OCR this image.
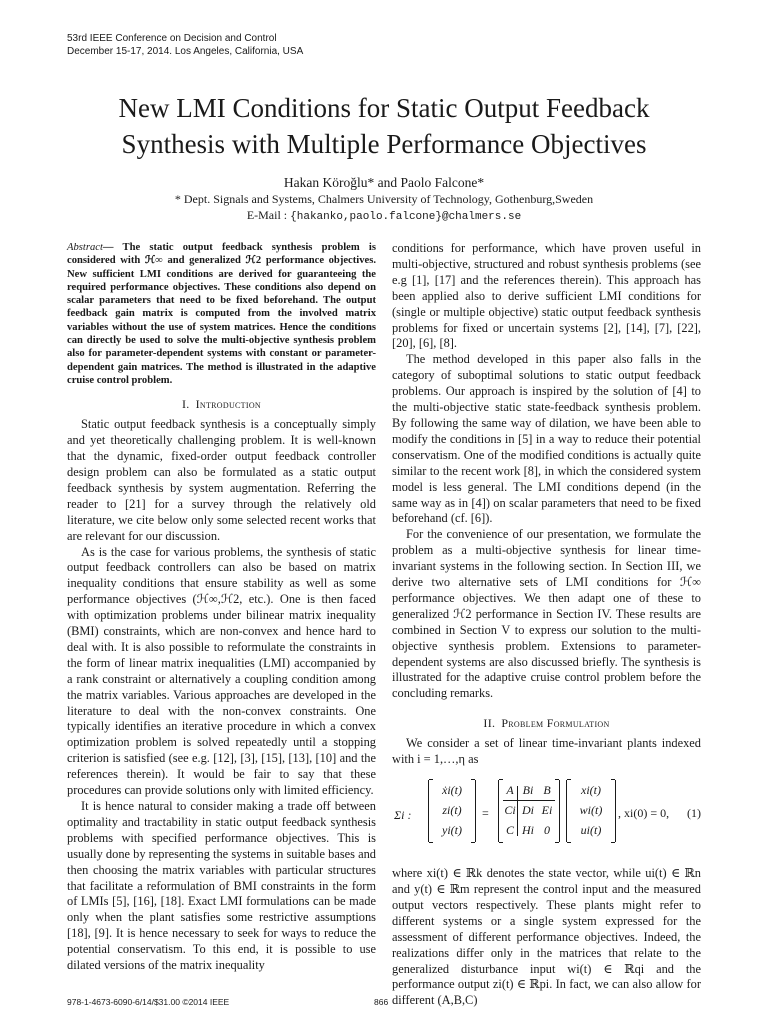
53rd IEEE Conference on Decision and Control
December 15-17, 2014. Los Angeles, California, USA
New LMI Conditions for Static Output Feedback
Synthesis with Multiple Performance Objectives
Hakan Köroğlu* and Paolo Falcone*
* Dept. Signals and Systems, Chalmers University of Technology, Gothenburg,Sweden
E-Mail : {hakanko,paolo.falcone}@chalmers.se

Abstract— The static output feedback synthesis problem is considered with ℋ∞ and generalized ℋ2 performance objectives. New sufficient LMI conditions are derived for guaranteeing the required performance objectives. These conditions also depend on scalar parameters that need to be fixed beforehand. The output feedback gain matrix is computed from the involved matrix variables without the use of system matrices. Hence the conditions can directly be used to solve the multi-objective synthesis problem also for parameter-dependent systems with constant or parameter-dependent gain matrices. The method is illustrated in the adaptive cruise control problem.

I. Introduction

Static output feedback synthesis is a conceptually simply and yet theoretically challenging problem. It is well-known that the dynamic, fixed-order output feedback controller design problem can also be formulated as a static output feedback synthesis by system augmentation. Referring the reader to [21] for a survey through the relatively old literature, we cite below only some selected recent works that are relevant for our discussion.

As is the case for various problems, the synthesis of static output feedback controllers can also be based on matrix inequality conditions that ensure stability as well as some performance objectives (ℋ∞,ℋ2, etc.). One is then faced with optimization problems under bilinear matrix inequality (BMI) constraints, which are non-convex and hence hard to deal with. It is also possible to reformulate the constraints in the form of linear matrix inequalities (LMI) accompanied by a rank constraint or alternatively a coupling condition among the matrix variables. Various approaches are developed in the literature to deal with the non-convex constraints. One typically identifies an iterative procedure in which a convex optimization problem is solved repeatedly until a stopping criterion is satisfied (see e.g. [12], [3], [15], [13], [10] and the references therein). It would be fair to say that these procedures can provide solutions only with limited efficiency.

It is hence natural to consider making a trade off between optimality and tractability in static output feedback synthesis problems with specified performance objectives. This is usually done by representing the systems in suitable bases and then choosing the matrix variables with particular structures that facilitate a reformulation of BMI constraints in the form of LMIs [5], [16], [18]. Exact LMI formulations can be made only when the plant satisfies some restrictive assumptions [18], [9]. It is hence necessary to seek for ways to reduce the potential conservatism. To this end, it is possible to use dilated versions of the matrix inequality

conditions for performance, which have proven useful in multi-objective, structured and robust synthesis problems (see e.g [1], [17] and the references therein). This approach has been applied also to derive sufficient LMI conditions for (single or multiple objective) static output feedback synthesis problems for fixed or uncertain systems [2], [14], [7], [22], [20], [6], [8].

The method developed in this paper also falls in the category of suboptimal solutions to static output feedback problems. Our approach is inspired by the solution of [4] to the multi-objective static state-feedback synthesis problem. By following the same way of dilation, we have been able to modify the conditions in [5] in a way to reduce their potential conservatism. One of the modified conditions is actually quite similar to the recent work [8], in which the considered system model is less general. The LMI conditions depend (in the same way as in [4]) on scalar parameters that need to be fixed beforehand (cf. [6]).

For the convenience of our presentation, we formulate the problem as a multi-objective synthesis for linear time-invariant systems in the following section. In Section III, we derive two alternative sets of LMI conditions for ℋ∞ performance objectives. We then adapt one of these to generalized ℋ2 performance in Section IV. These results are combined in Section V to express our solution to the multi-objective synthesis problem. Extensions to parameter-dependent systems are also discussed briefly. The synthesis is illustrated for the adaptive cruise control problem before the concluding remarks.

II. Problem Formulation

We consider a set of linear time-invariant plants indexed with i = 1,…,η as

Σi :
ẋi(t)
zi(t)
yi(t)
=
A Bi B
Ci Di Ei
C Hi 0
xi(t)
wi(t)
ui(t)
, xi(0) = 0, (1)

where xi(t) ∈ ℝk denotes the state vector, while ui(t) ∈ ℝn and y(t) ∈ ℝm represent the control input and the measured output vectors respectively. These plants might refer to different systems or a single system expressed for the assessment of different performance objectives. Indeed, the realizations differ only in the matrices that relate to the generalized disturbance input wi(t) ∈ ℝqi and the performance output zi(t) ∈ ℝpi. In fact, we can also allow for different (A,B,C)

978-1-4673-6090-6/14/$31.00 ©2014 IEEE	866
